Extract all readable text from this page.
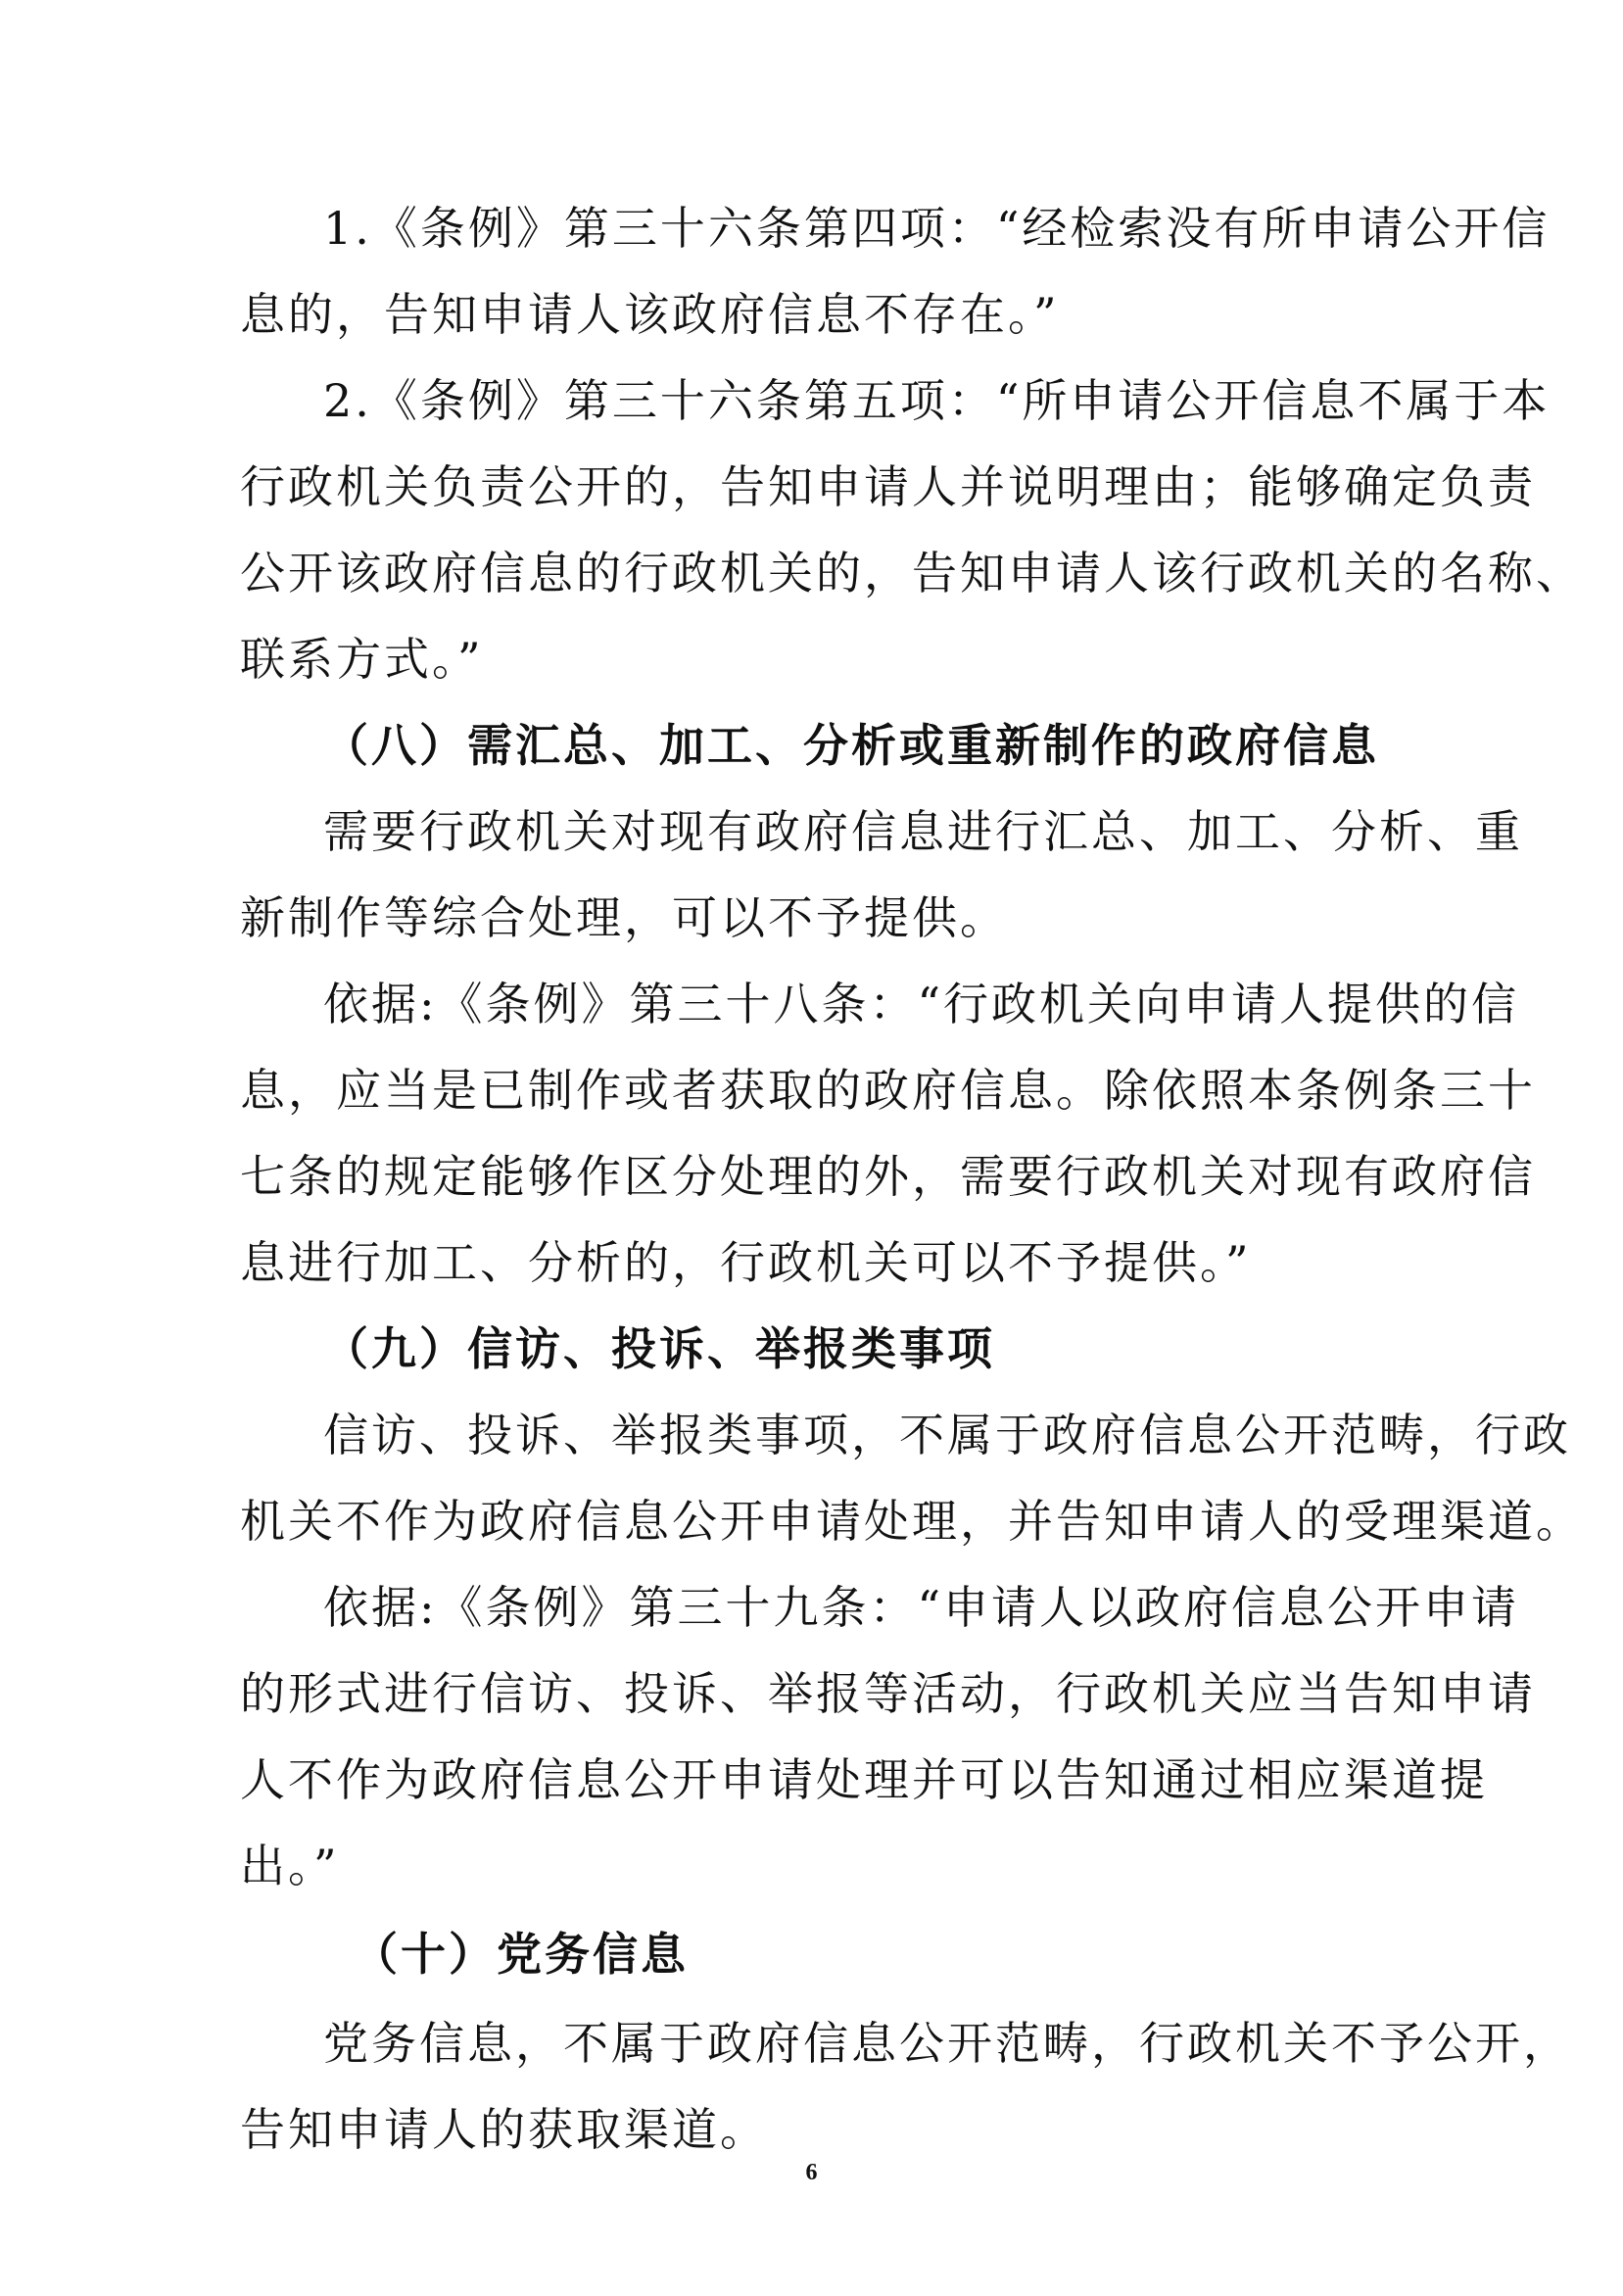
1.《条例》第三十六条第四项：“经检索没有所申请公开信
息的，告知申请人该政府信息不存在。”
2.《条例》第三十六条第五项：“所申请公开信息不属于本
行政机关负责公开的，告知申请人并说明理由；能够确定负责
公开该政府信息的行政机关的，告知申请人该行政机关的名称、
联系方式。”
（八）需汇总、加工、分析或重新制作的政府信息
需要行政机关对现有政府信息进行汇总、加工、分析、重
新制作等综合处理，可以不予提供。
依据:《条例》第三十八条：“行政机关向申请人提供的信
息，应当是已制作或者获取的政府信息。除依照本条例条三十
七条的规定能够作区分处理的外，需要行政机关对现有政府信
息进行加工、分析的，行政机关可以不予提供。”
（九）信访、投诉、举报类事项
信访、投诉、举报类事项，不属于政府信息公开范畴，行政
机关不作为政府信息公开申请处理，并告知申请人的受理渠道。
依据:《条例》第三十九条：“申请人以政府信息公开申请
的形式进行信访、投诉、举报等活动，行政机关应当告知申请
人不作为政府信息公开申请处理并可以告知通过相应渠道提
出。”
（十）党务信息
党务信息，不属于政府信息公开范畴，行政机关不予公开，
告知申请人的获取渠道。
6
